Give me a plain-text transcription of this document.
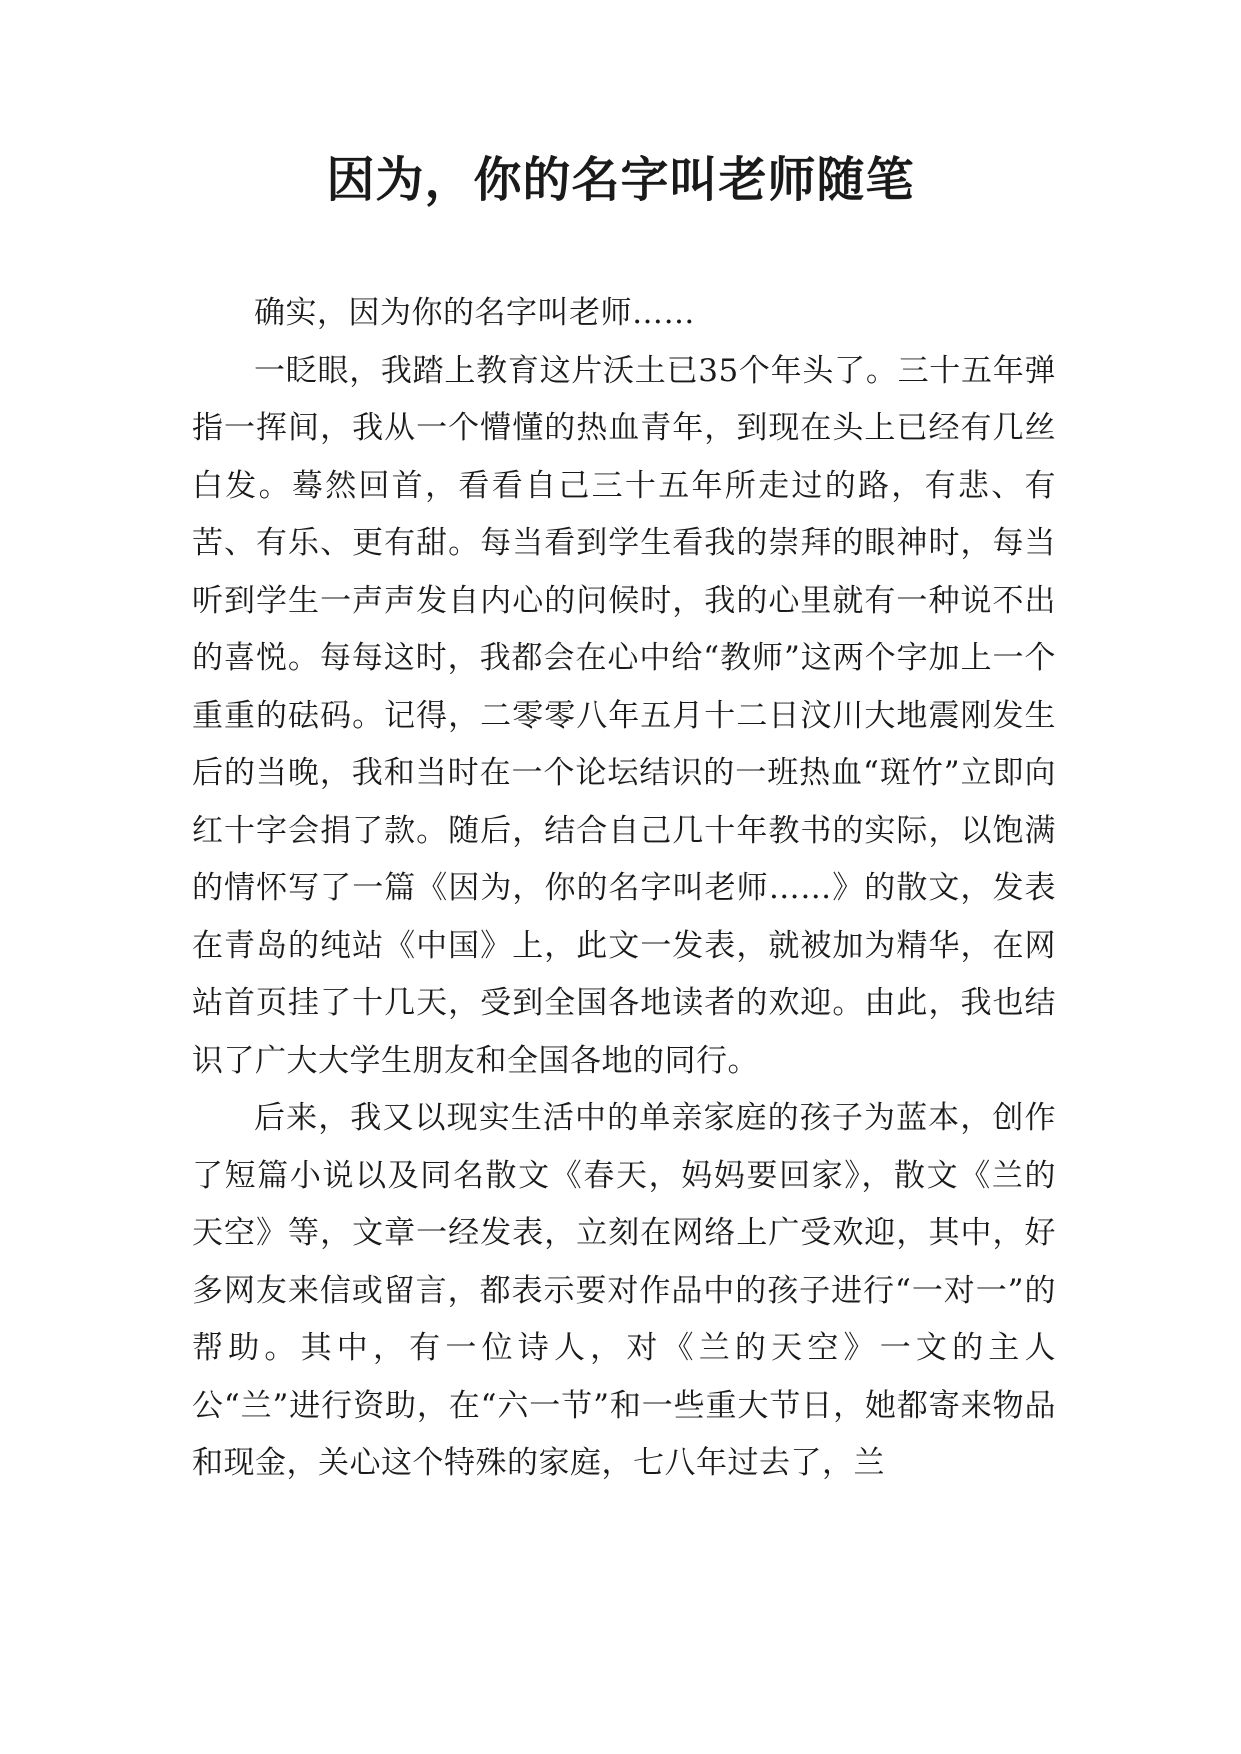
因为，你的名字叫老师随笔

确实，因为你的名字叫老师……

一眨眼，我踏上教育这片沃土已35个年头了。三十五年弹指一挥间，我从一个懵懂的热血青年，到现在头上已经有几丝白发。蓦然回首，看看自己三十五年所走过的路，有悲、有苦、有乐、更有甜。每当看到学生看我的崇拜的眼神时，每当听到学生一声声发自内心的问候时，我的心里就有一种说不出的喜悦。每每这时，我都会在心中给“教师”这两个字加上一个重重的砝码。记得，二零零八年五月十二日汶川大地震刚发生后的当晚，我和当时在一个论坛结识的一班热血“斑竹”立即向红十字会捐了款。随后，结合自己几十年教书的实际，以饱满的情怀写了一篇《因为，你的名字叫老师……》的散文，发表在青岛的纯站《中国》上，此文一发表，就被加为精华，在网站首页挂了十几天，受到全国各地读者的欢迎。由此，我也结识了广大大学生朋友和全国各地的同行。

后来，我又以现实生活中的单亲家庭的孩子为蓝本，创作了短篇小说以及同名散文《春天，妈妈要回家》，散文《兰的天空》等，文章一经发表，立刻在网络上广受欢迎，其中，好多网友来信或留言，都表示要对作品中的孩子进行“一对一”的帮助。其中，有一位诗人，对《兰的天空》一文的主人公“兰”进行资助，在“六一节”和一些重大节日，她都寄来物品和现金，关心这个特殊的家庭，七八年过去了，兰
